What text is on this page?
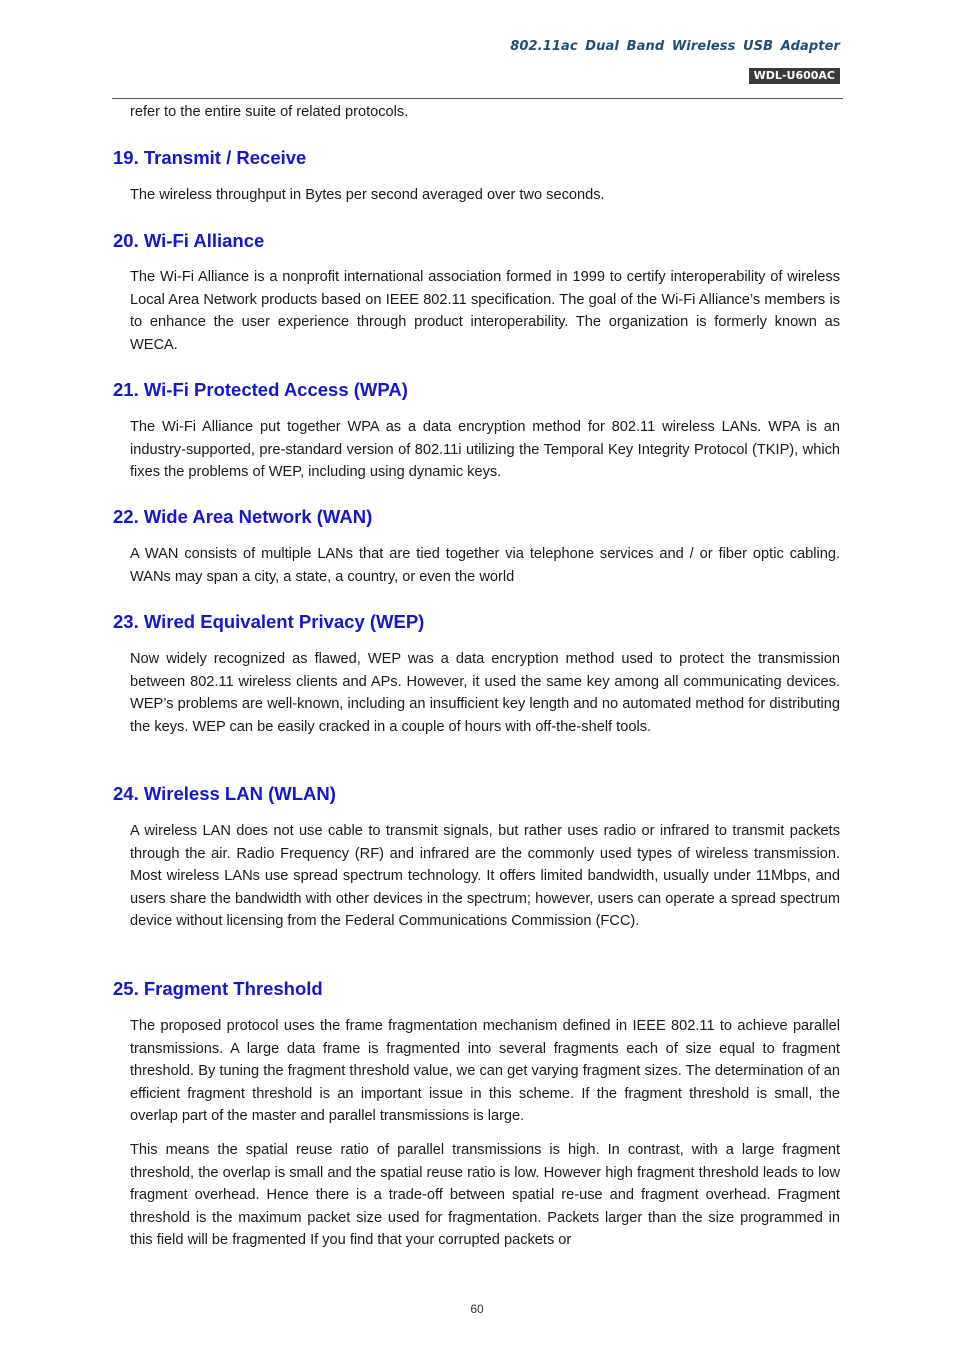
802.11ac Dual Band Wireless USB Adapter
WDL-U600AC

refer to the entire suite of related protocols.

19. Transmit / Receive

The wireless throughput in Bytes per second averaged over two seconds.

20. Wi-Fi Alliance

The Wi-Fi Alliance is a nonprofit international association formed in 1999 to certify interoperability of wireless Local Area Network products based on IEEE 802.11 specification. The goal of the Wi-Fi Alliance’s members is to enhance the user experience through product interoperability. The organization is formerly known as WECA.

21. Wi-Fi Protected Access (WPA)

The Wi-Fi Alliance put together WPA as a data encryption method for 802.11 wireless LANs. WPA is an industry-supported, pre-standard version of 802.11i utilizing the Temporal Key Integrity Protocol (TKIP), which fixes the problems of WEP, including using dynamic keys.

22. Wide Area Network (WAN)

A WAN consists of multiple LANs that are tied together via telephone services and / or fiber optic cabling. WANs may span a city, a state, a country, or even the world

23. Wired Equivalent Privacy (WEP)

Now widely recognized as flawed, WEP was a data encryption method used to protect the transmission between 802.11 wireless clients and APs. However, it used the same key among all communicating devices. WEP’s problems are well-known, including an insufficient key length and no automated method for distributing the keys. WEP can be easily cracked in a couple of hours with off-the-shelf tools.

24. Wireless LAN (WLAN)

A wireless LAN does not use cable to transmit signals, but rather uses radio or infrared to transmit packets through the air. Radio Frequency (RF) and infrared are the commonly used types of wireless transmission. Most wireless LANs use spread spectrum technology. It offers limited bandwidth, usually under 11Mbps, and users share the bandwidth with other devices in the spectrum; however, users can operate a spread spectrum device without licensing from the Federal Communications Commission (FCC).

25. Fragment Threshold

The proposed protocol uses the frame fragmentation mechanism defined in IEEE 802.11 to achieve parallel transmissions. A large data frame is fragmented into several fragments each of size equal to fragment threshold. By tuning the fragment threshold value, we can get varying fragment sizes. The determination of an efficient fragment threshold is an important issue in this scheme. If the fragment threshold is small, the overlap part of the master and parallel transmissions is large.

This means the spatial reuse ratio of parallel transmissions is high. In contrast, with a large fragment threshold, the overlap is small and the spatial reuse ratio is low. However high fragment threshold leads to low fragment overhead. Hence there is a trade-off between spatial re-use and fragment overhead. Fragment threshold is the maximum packet size used for fragmentation. Packets larger than the size programmed in this field will be fragmented If you find that your corrupted packets or

60
